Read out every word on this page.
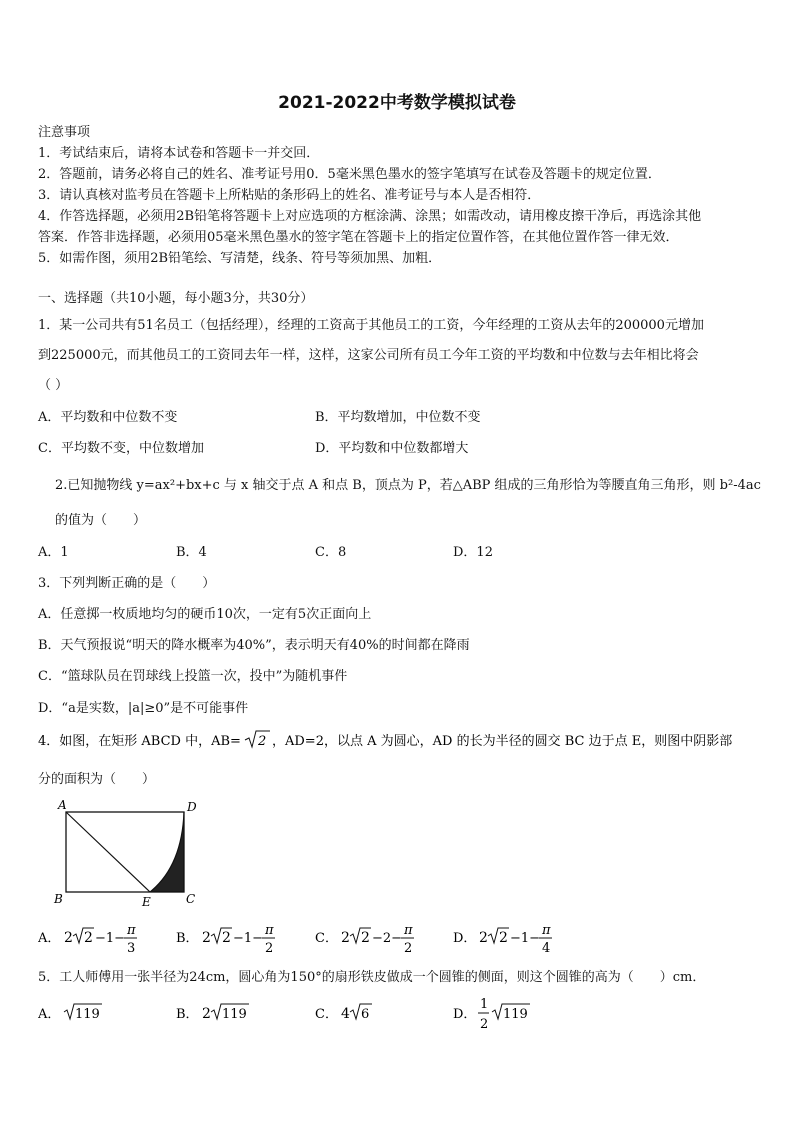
2021-2022中考数学模拟试卷
注意事项
1．考试结束后，请将本试卷和答题卡一并交回．
2．答题前，请务必将自己的姓名、准考证号用0．5毫米黑色墨水的签字笔填写在试卷及答题卡的规定位置．
3．请认真核对监考员在答题卡上所粘贴的条形码上的姓名、准考证号与本人是否相符．
4．作答选择题，必须用2B铅笔将答题卡上对应选项的方框涂满、涂黑；如需改动，请用橡皮擦干净后，再选涂其他
答案．作答非选择题，必须用05毫米黑色墨水的签字笔在答题卡上的指定位置作答，在其他位置作答一律无效．
5．如需作图，须用2B铅笔绘、写清楚，线条、符号等须加黑、加粗．
一、选择题（共10小题，每小题3分，共30分）
1．某一公司共有51名员工（包括经理），经理的工资高于其他员工的工资，今年经理的工资从去年的200000元增加
到225000元，而其他员工的工资同去年一样，这样，这家公司所有员工今年工资的平均数和中位数与去年相比将会
（ ）
A．平均数和中位数不变	B．平均数增加，中位数不变
C．平均数不变，中位数增加	D．平均数和中位数都增大
2.已知抛物线 y=ax²+bx+c 与 x 轴交于点 A 和点 B，顶点为 P，若△ABP 组成的三角形恰为等腰直角三角形，则 b²-4ac
的值为（　　）
A．1	B．4	C．8	D．12
3．下列判断正确的是（　　）
A．任意掷一枚质地均匀的硬币10次，一定有5次正面向上
B．天气预报说“明天的降水概率为40%”，表示明天有40%的时间都在降雨
C．“篮球队员在罚球线上投篮一次，投中”为随机事件
D．“a是实数，|a|≥0”是不可能事件
4．如图，在矩形 ABCD 中，AB= 2 ，AD=2，以点 A 为圆心，AD 的长为半径的圆交 BC 边于点 E，则图中阴影部
分的面积为（　　）
A	D
B	C
E
A． 2 2 −1−
π
3
B． 2 2 −1−
π
2
C． 2 2 −2−
π
2
D． 2 2 −1−
π
4
5．工人师傅用一张半径为24cm，圆心角为150°的扇形铁皮做成一个圆锥的侧面，则这个圆锥的高为（　　）cm．
A． 119	B． 2 119	C． 4 6	D．
1
2
119
